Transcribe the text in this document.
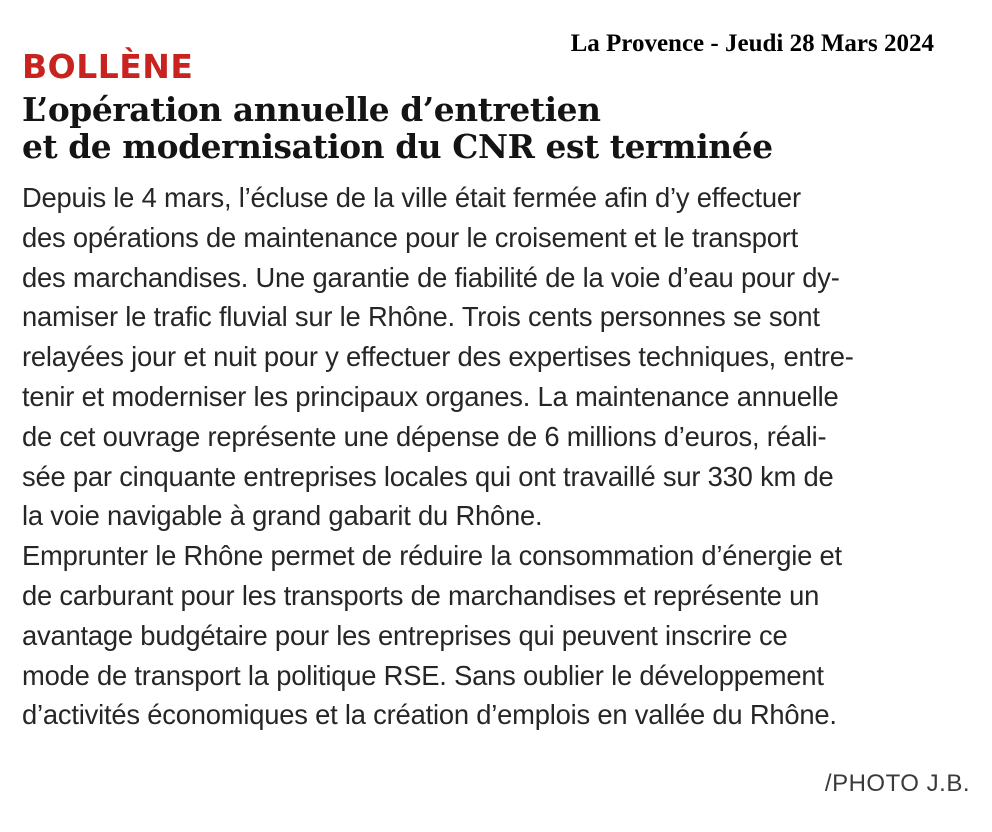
La Provence - Jeudi 28 Mars 2024
BOLLÈNE
L’opération annuelle d’entretien
et de modernisation du CNR est terminée
Depuis le 4 mars, l’écluse de la ville était fermée afin d’y effectuer
des opérations de maintenance pour le croisement et le transport
des marchandises. Une garantie de fiabilité de la voie d’eau pour dy-
namiser le trafic fluvial sur le Rhône. Trois cents personnes se sont
relayées jour et nuit pour y effectuer des expertises techniques, entre-
tenir et moderniser les principaux organes. La maintenance annuelle
de cet ouvrage représente une dépense de 6 millions d’euros, réali-
sée par cinquante entreprises locales qui ont travaillé sur 330 km de
la voie navigable à grand gabarit du Rhône.
Emprunter le Rhône permet de réduire la consommation d’énergie et
de carburant pour les transports de marchandises et représente un
avantage budgétaire pour les entreprises qui peuvent inscrire ce
mode de transport la politique RSE. Sans oublier le développement
d’activités économiques et la création d’emplois en vallée du Rhône.
/PHOTO J.B.
